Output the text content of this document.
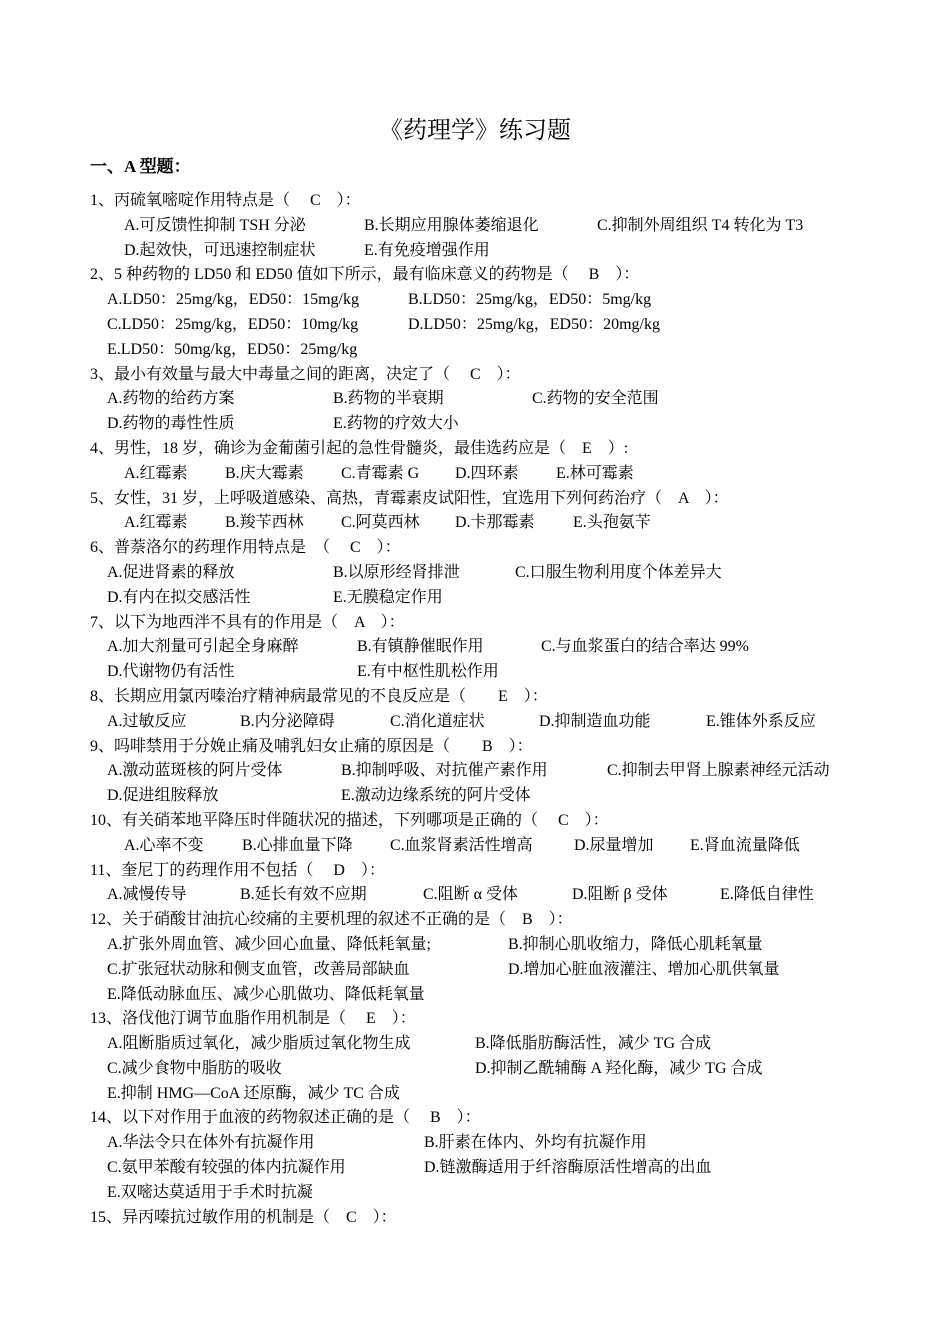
《药理学》练习题
一、A 型题：
1、丙硫氧嘧啶作用特点是（　 C　）：
A.可反馈性抑制 TSH 分泌	B.长期应用腺体萎缩退化	C.抑制外周组织 T4 转化为 T3
D.起效快，可迅速控制症状	E.有免疫增强作用
2、5 种药物的 LD50 和 ED50 值如下所示，最有临床意义的药物是（　 B　）：
A.LD50：25mg/kg，ED50：15mg/kg	B.LD50：25mg/kg，ED50：5mg/kg
C.LD50：25mg/kg，ED50：10mg/kg	D.LD50：25mg/kg，ED50：20mg/kg
E.LD50：50mg/kg，ED50：25mg/kg
3、最小有效量与最大中毒量之间的距离，决定了（　 C　）：
A.药物的给药方案	B.药物的半衰期	C.药物的安全范围
D.药物的毒性性质	E.药物的疗效大小
4、男性，18 岁，确诊为金葡菌引起的急性骨髓炎，最佳选药应是（　E　）:
A.红霉素 B.庆大霉素 C.青霉素 G D.四环素 E.林可霉素
5、女性，31 岁，上呼吸道感染、高热，青霉素皮试阳性，宜选用下列何药治疗（　A　）：
A.红霉素 B.羧苄西林 C.阿莫西林 D.卡那霉素 E.头孢氨苄
6、普萘洛尔的药理作用特点是　（　 C　）：
A.促进肾素的释放	B.以原形经肾排泄	C.口服生物利用度个体差异大
D.有内在拟交感活性	E.无膜稳定作用
7、以下为地西泮不具有的作用是（　A　）：
A.加大剂量可引起全身麻醉	B.有镇静催眠作用	C.与血浆蛋白的结合率达 99%
D.代谢物仍有活性	E.有中枢性肌松作用
8、长期应用氯丙嗪治疗精神病最常见的不良反应是（　　E　）：
A.过敏反应	B.内分泌障碍	C.消化道症状	D.抑制造血功能	E.锥体外系反应
9、吗啡禁用于分娩止痛及哺乳妇女止痛的原因是（　　B　）：
A.激动蓝斑核的阿片受体	B.抑制呼吸、对抗催产素作用	C.抑制去甲肾上腺素神经元活动
D.促进组胺释放	E.激动边缘系统的阿片受体
10、有关硝苯地平降压时伴随状况的描述，下列哪项是正确的（　 C　）：
A.心率不变 B.心排血量下降 C.血浆肾素活性增高	D.尿量增加 E.肾血流量降低
11、奎尼丁的药理作用不包括（　 D　）：
A.减慢传导	B.延长有效不应期	C.阻断 α 受体	D.阻断 β 受体	E.降低自律性
12、关于硝酸甘油抗心绞痛的主要机理的叙述不正确的是（　B　）：
A.扩张外周血管、减少回心血量、降低耗氧量;	B.抑制心肌收缩力，降低心肌耗氧量
C.扩张冠状动脉和侧支血管，改善局部缺血	D.增加心脏血液灌注、增加心肌供氧量
E.降低动脉血压、减少心肌做功、降低耗氧量
13、洛伐他汀调节血脂作用机制是（　 E　）：
A.阻断脂质过氧化，减少脂质过氧化物生成	B.降低脂肪酶活性，减少 TG 合成
C.减少食物中脂肪的吸收	D.抑制乙酰辅酶 A 羟化酶，减少 TG 合成
E.抑制 HMG—CoA 还原酶，减少 TC 合成
14、以下对作用于血液的药物叙述正确的是（　 B　）：
A.华法令只在体外有抗凝作用	B.肝素在体内、外均有抗凝作用
C.氨甲苯酸有较强的体内抗凝作用	D.链激酶适用于纤溶酶原活性增高的出血
E.双嘧达莫适用于手术时抗凝
15、异丙嗪抗过敏作用的机制是（　C　）：
